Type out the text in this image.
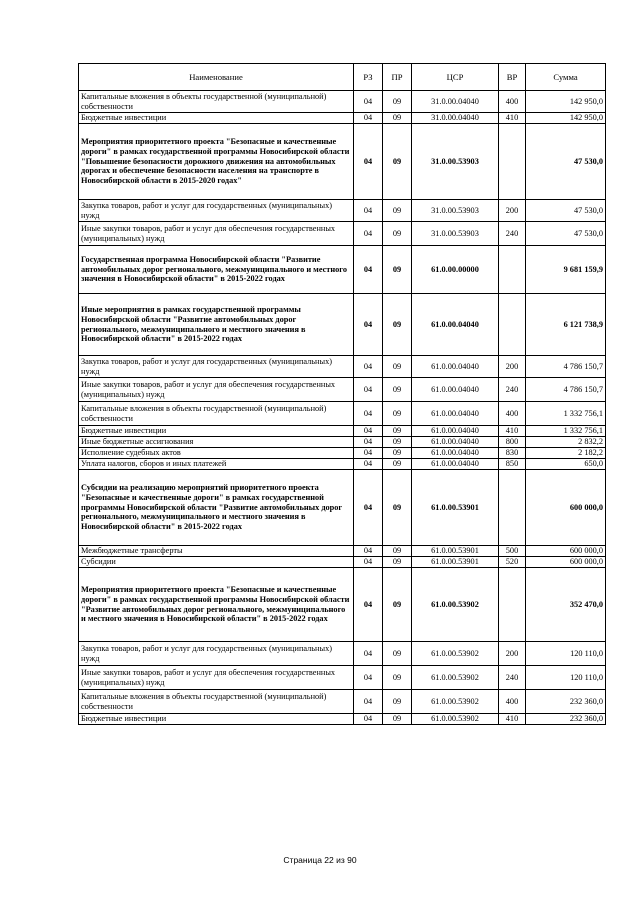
Наименование	РЗ	ПР	ЦСР	ВР	Сумма
Капитальные вложения в объекты государственной (муниципальной) собственности	04	09	31.0.00.04040	400	142 950,0
Бюджетные инвестиции	04	09	31.0.00.04040	410	142 950,0
Мероприятия приоритетного проекта "Безопасные и качественные дороги" в рамках государственной программы Новосибирской области "Повышение безопасности дорожного движения на автомобильных дорогах и обеспечение безопасности населения на транспорте в Новосибирской области в 2015-2020 годах"	04	09	31.0.00.53903		47 530,0
Закупка товаров, работ и услуг для государственных (муниципальных) нужд	04	09	31.0.00.53903	200	47 530,0
Иные закупки товаров, работ и услуг для обеспечения государственных (муниципальных) нужд	04	09	31.0.00.53903	240	47 530,0
Государственная программа Новосибирской области "Развитие автомобильных дорог регионального, межмуниципального и местного значения в Новосибирской области" в 2015-2022 годах	04	09	61.0.00.00000		9 681 159,9
Иные мероприятия в рамках государственной программы Новосибирской области "Развитие автомобильных дорог регионального, межмуниципального и местного значения в Новосибирской области" в 2015-2022 годах	04	09	61.0.00.04040		6 121 738,9
Закупка товаров, работ и услуг для государственных (муниципальных) нужд	04	09	61.0.00.04040	200	4 786 150,7
Иные закупки товаров, работ и услуг для обеспечения государственных (муниципальных) нужд	04	09	61.0.00.04040	240	4 786 150,7
Капитальные вложения в объекты государственной (муниципальной) собственности	04	09	61.0.00.04040	400	1 332 756,1
Бюджетные инвестиции	04	09	61.0.00.04040	410	1 332 756,1
Иные бюджетные ассигнования	04	09	61.0.00.04040	800	2 832,2
Исполнение судебных актов	04	09	61.0.00.04040	830	2 182,2
Уплата налогов, сборов и иных платежей	04	09	61.0.00.04040	850	650,0
Субсидии на реализацию мероприятий приоритетного проекта "Безопасные и качественные дороги" в рамках государственной программы Новосибирской области "Развитие автомобильных дорог регионального, межмуниципального и местного значения в Новосибирской области" в 2015-2022 годах	04	09	61.0.00.53901		600 000,0
Межбюджетные трансферты	04	09	61.0.00.53901	500	600 000,0
Субсидии	04	09	61.0.00.53901	520	600 000,0
Мероприятия приоритетного проекта "Безопасные и качественные дороги" в рамках государственной программы Новосибирской области "Развитие автомобильных дорог регионального, межмуниципального и местного значения в Новосибирской области" в 2015-2022 годах	04	09	61.0.00.53902		352 470,0
Закупка товаров, работ и услуг для государственных (муниципальных) нужд	04	09	61.0.00.53902	200	120 110,0
Иные закупки товаров, работ и услуг для обеспечения государственных (муниципальных) нужд	04	09	61.0.00.53902	240	120 110,0
Капитальные вложения в объекты государственной (муниципальной) собственности	04	09	61.0.00.53902	400	232 360,0
Бюджетные инвестиции	04	09	61.0.00.53902	410	232 360,0
Страница 22 из 90
